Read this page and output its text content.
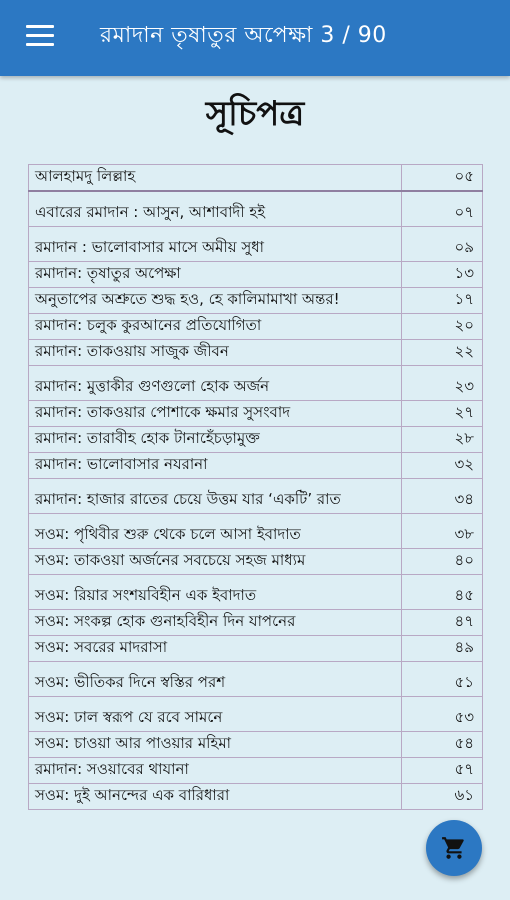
রমাদান তৃষাতুর অপেক্ষা 3 / 90
সূচিপত্র
আলহামদু লিল্লাহ	০৫
এবারের রমাদান : আসুন, আশাবাদী হই	০৭
রমাদান : ভালোবাসার মাসে অমীয় সুধা	০৯
রমাদান: তৃষাতুর অপেক্ষা	১৩
অনুতাপের অশ্রুতে শুদ্ধ হও, হে কালিমামাখা অন্তর!	১৭
রমাদান: চলুক কুরআনের প্রতিযোগিতা	২০
রমাদান: তাকওয়ায় সাজুক জীবন	২২
রমাদান: মুত্তাকীর গুণগুলো হোক অর্জন	২৩
রমাদান: তাকওয়ার পোশাকে ক্ষমার সুসংবাদ	২৭
রমাদান: তারাবীহ হোক টানাহেঁচড়ামুক্ত	২৮
রমাদান: ভালোবাসার নযরানা	৩২
রমাদান: হাজার রাতের চেয়ে উত্তম যার ‘একটি’ রাত	৩৪
সওম: পৃথিবীর শুরু থেকে চলে আসা ইবাদাত	৩৮
সওম: তাকওয়া অর্জনের সবচেয়ে সহজ মাধ্যম	৪০
সওম: রিয়ার সংশয়বিহীন এক ইবাদাত	৪৫
সওম: সংকল্প হোক গুনাহবিহীন দিন যাপনের	৪৭
সওম: সবরের মাদরাসা	৪৯
সওম: ভীতিকর দিনে স্বস্তির পরশ	৫১
সওম: ঢাল স্বরূপ যে রবে সামনে	৫৩
সওম: চাওয়া আর পাওয়ার মহিমা	৫৪
রমাদান: সওয়াবের থাযানা	৫৭
সওম: দুই আনন্দের এক বারিধারা	৬১
